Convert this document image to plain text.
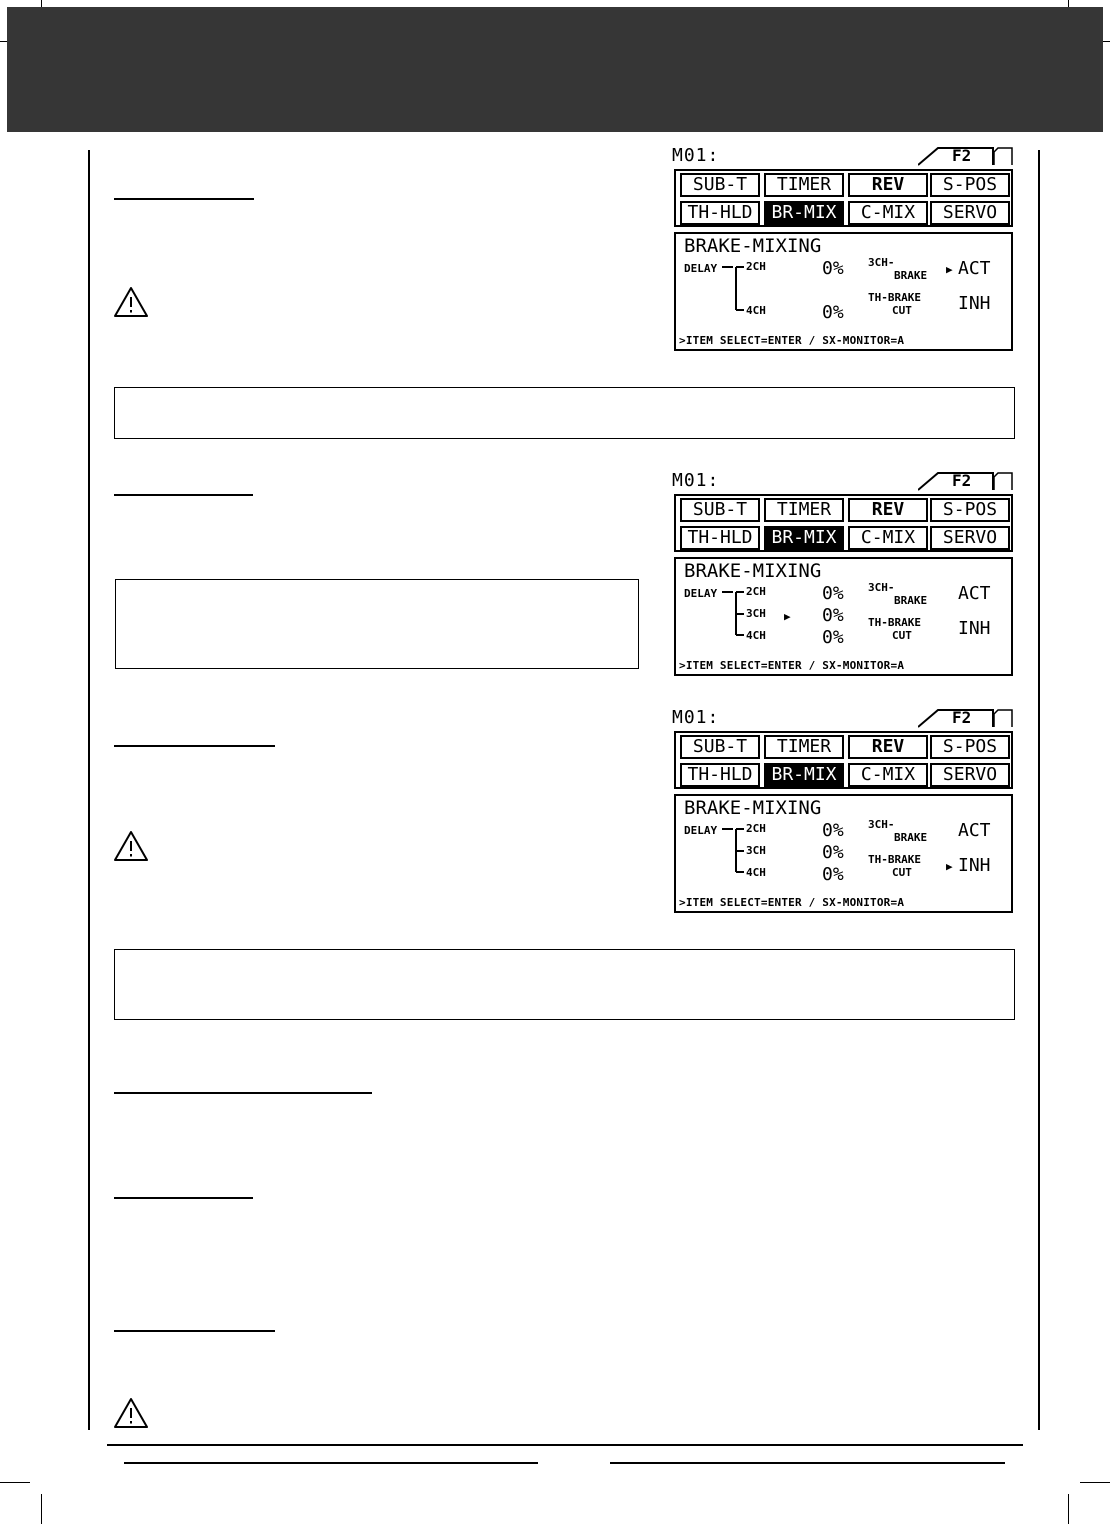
M01:	F2
SUB-T	TIMER	REV	S-POS
TH-HLD	BR-MIX	C-MIX	SERVO
BRAKE-MIXING
DELAY	2CH	0%
4CH	0%
3CH-
BRAKE ACT
TH-BRAKE
CUT	INH
▶
>ITEM SELECT=ENTER / SX-MONITOR=A
M01:	F2
SUB-T	TIMER	REV	S-POS
TH-HLD	BR-MIX	C-MIX	SERVO
BRAKE-MIXING
DELAY	2CH	0%
3CH	0%
4CH	0%
3CH-
BRAKE ACT
TH-BRAKE
CUT	INH
▶
>ITEM SELECT=ENTER / SX-MONITOR=A
M01:	F2
SUB-T	TIMER	REV	S-POS
TH-HLD	BR-MIX	C-MIX	SERVO
BRAKE-MIXING
DELAY	2CH	0%
3CH	0%
4CH	0%
3CH-
BRAKE ACT
TH-BRAKE
CUT	INH
▶
>ITEM SELECT=ENTER / SX-MONITOR=A
